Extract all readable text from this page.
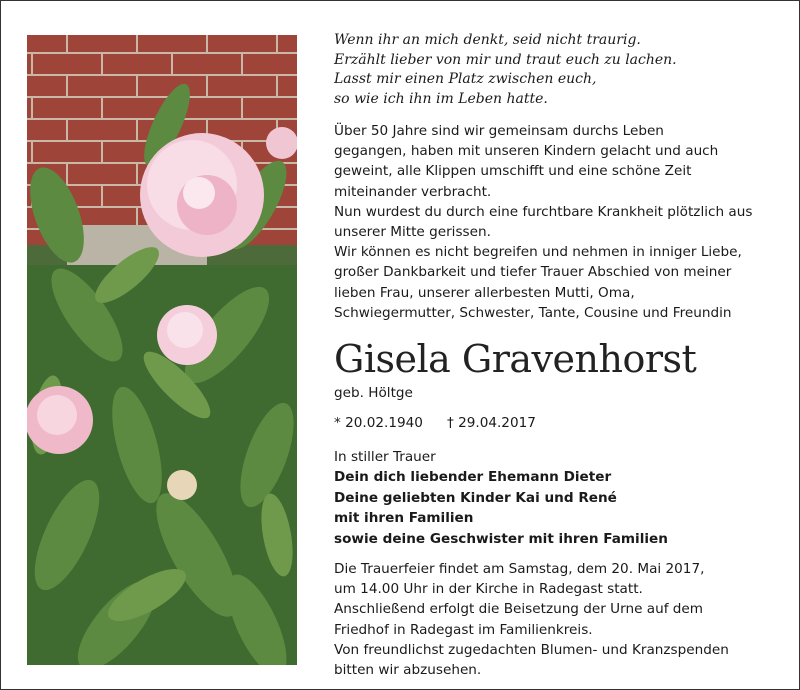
Wenn ihr an mich denkt, seid nicht traurig.
Erzählt lieber von mir und traut euch zu lachen.
Lasst mir einen Platz zwischen euch,
so wie ich ihn im Leben hatte.
Über 50 Jahre sind wir gemeinsam durchs Leben
gegangen, haben mit unseren Kindern gelacht und auch
geweint, alle Klippen umschifft und eine schöne Zeit
miteinander verbracht.
Nun wurdest du durch eine furchtbare Krankheit plötzlich aus
unserer Mitte gerissen.
Wir können es nicht begreifen und nehmen in inniger Liebe,
großer Dankbarkeit und tiefer Trauer Abschied von meiner
lieben Frau, unserer allerbesten Mutti, Oma,
Schwiegermutter, Schwester, Tante, Cousine und Freundin
Gisela Gravenhorst
geb. Höltge
* 20.02.1940 † 29.04.2017
In stiller Trauer
Dein dich liebender Ehemann Dieter
Deine geliebten Kinder Kai und René
mit ihren Familien
sowie deine Geschwister mit ihren Familien
Die Trauerfeier findet am Samstag, dem 20. Mai 2017,
um 14.00 Uhr in der Kirche in Radegast statt.
Anschließend erfolgt die Beisetzung der Urne auf dem
Friedhof in Radegast im Familienkreis.
Von freundlichst zugedachten Blumen- und Kranzspenden
bitten wir abzusehen.
